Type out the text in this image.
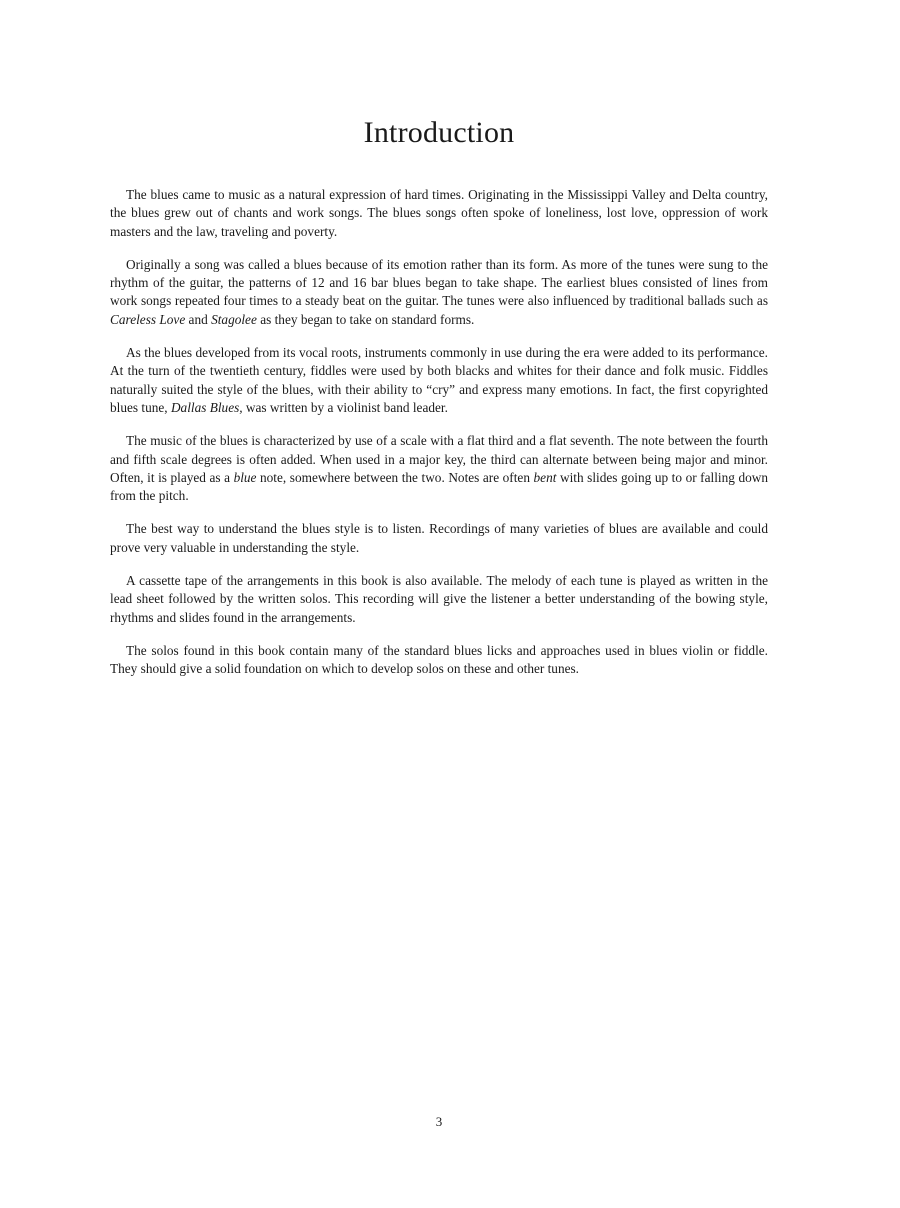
Introduction

The blues came to music as a natural expression of hard times. Originating in the Mississippi Valley and Delta country, the blues grew out of chants and work songs. The blues songs often spoke of loneliness, lost love, oppression of work masters and the law, traveling and poverty.

Originally a song was called a blues because of its emotion rather than its form. As more of the tunes were sung to the rhythm of the guitar, the patterns of 12 and 16 bar blues began to take shape. The earliest blues consisted of lines from work songs repeated four times to a steady beat on the guitar. The tunes were also influenced by traditional ballads such as Careless Love and Stagolee as they began to take on standard forms.

As the blues developed from its vocal roots, instruments commonly in use during the era were added to its performance. At the turn of the twentieth century, fiddles were used by both blacks and whites for their dance and folk music. Fiddles naturally suited the style of the blues, with their ability to “cry” and express many emotions. In fact, the first copyrighted blues tune, Dallas Blues, was written by a violinist band leader.

The music of the blues is characterized by use of a scale with a flat third and a flat seventh. The note between the fourth and fifth scale degrees is often added. When used in a major key, the third can alternate between being major and minor. Often, it is played as a blue note, somewhere between the two. Notes are often bent with slides going up to or falling down from the pitch.

The best way to understand the blues style is to listen. Recordings of many varieties of blues are available and could prove very valuable in understanding the style.

A cassette tape of the arrangements in this book is also available. The melody of each tune is played as written in the lead sheet followed by the written solos. This recording will give the listener a better understanding of the bowing style, rhythms and slides found in the arrangements.

The solos found in this book contain many of the standard blues licks and approaches used in blues violin or fiddle. They should give a solid foundation on which to develop solos on these and other tunes.

3
